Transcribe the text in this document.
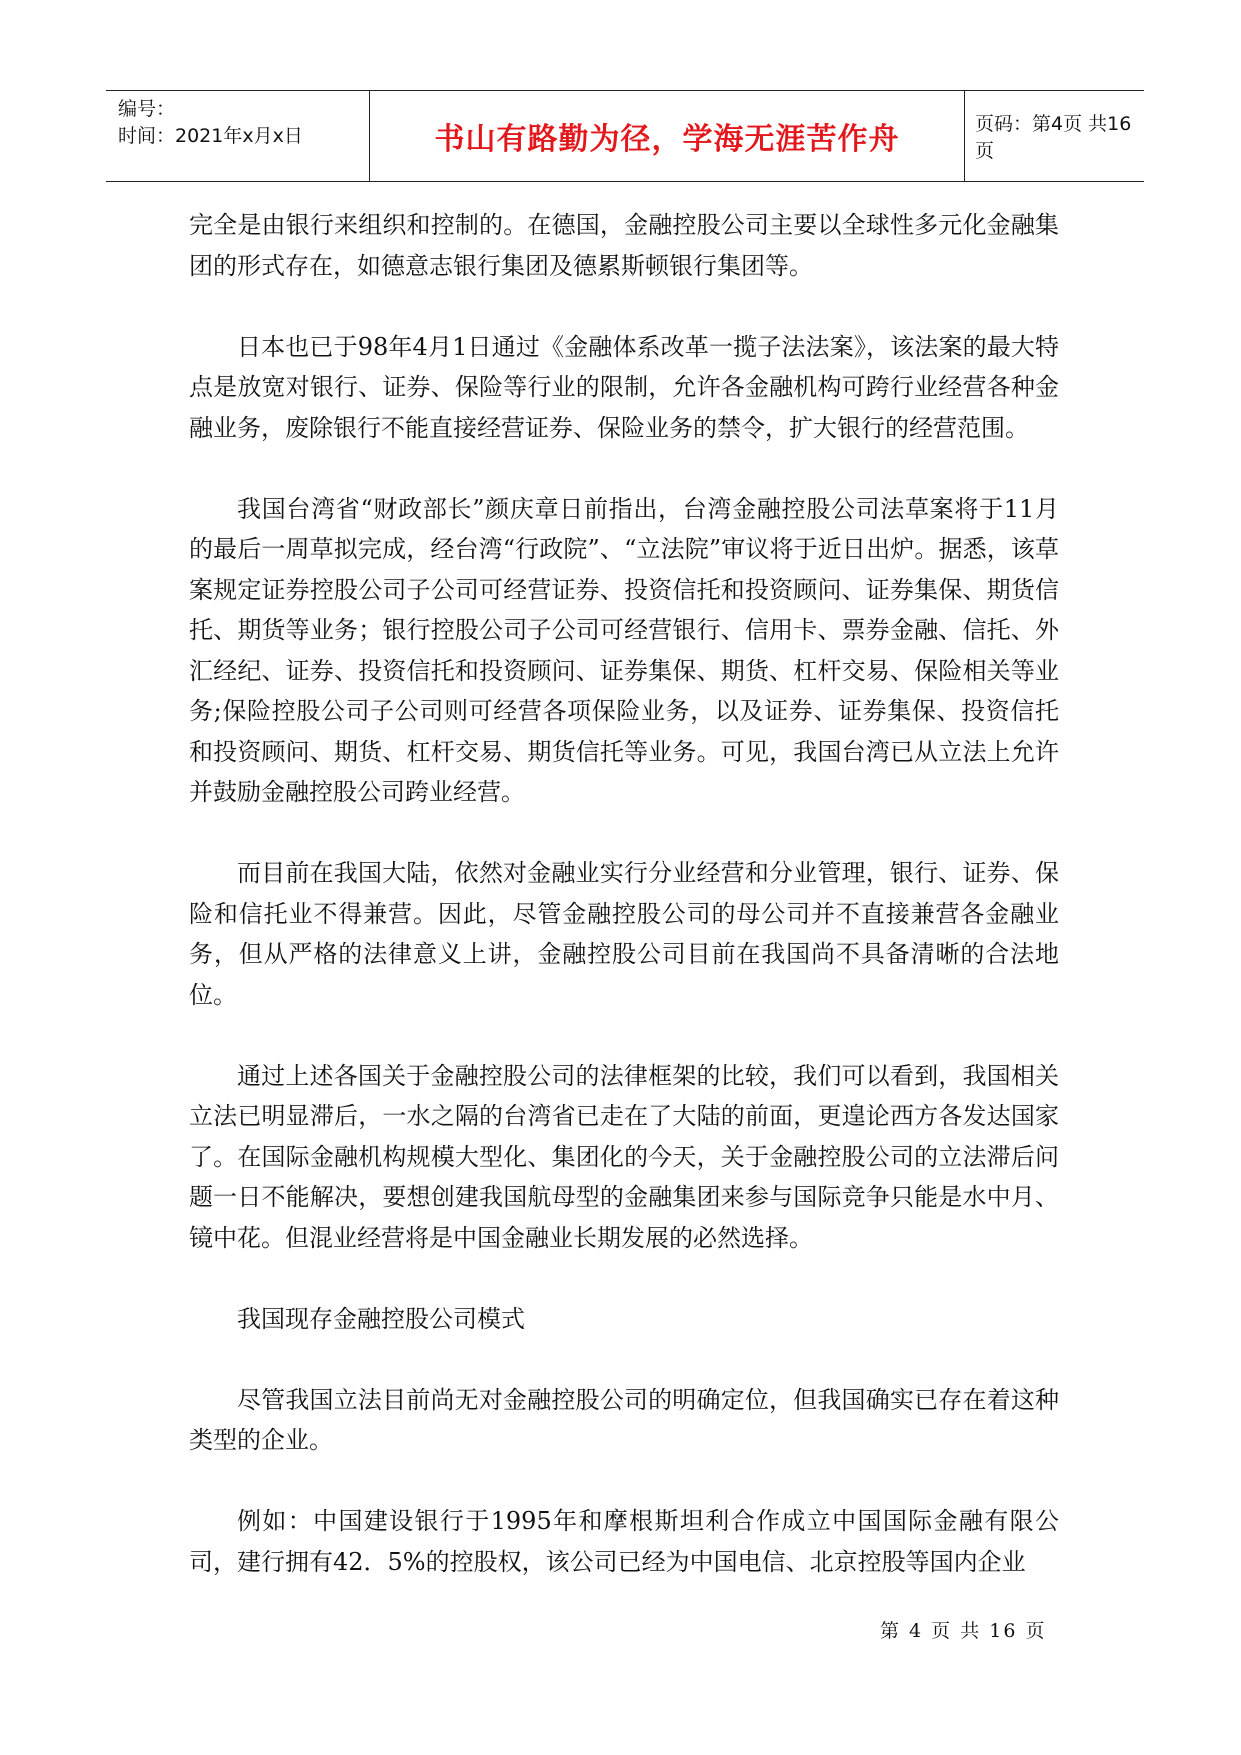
编号：
时间：2021年x月x日	书山有路勤为径，学海无涯苦作舟	页码：第4页 共16页

完全是由银行来组织和控制的。在德国，金融控股公司主要以全球性多元化金融集团的形式存在，如德意志银行集团及德累斯顿银行集团等。

日本也已于98年4月1日通过《金融体系改革一揽子法法案》，该法案的最大特点是放宽对银行、证券、保险等行业的限制，允许各金融机构可跨行业经营各种金融业务，废除银行不能直接经营证券、保险业务的禁令，扩大银行的经营范围。

我国台湾省“财政部长”颜庆章日前指出，台湾金融控股公司法草案将于11月的最后一周草拟完成，经台湾“行政院”、“立法院”审议将于近日出炉。据悉，该草案规定证券控股公司子公司可经营证券、投资信托和投资顾问、证券集保、期货信托、期货等业务；银行控股公司子公司可经营银行、信用卡、票券金融、信托、外汇经纪、证券、投资信托和投资顾问、证券集保、期货、杠杆交易、保险相关等业务;保险控股公司子公司则可经营各项保险业务，以及证券、证券集保、投资信托和投资顾问、期货、杠杆交易、期货信托等业务。可见，我国台湾已从立法上允许并鼓励金融控股公司跨业经营。

而目前在我国大陆，依然对金融业实行分业经营和分业管理，银行、证券、保险和信托业不得兼营。因此，尽管金融控股公司的母公司并不直接兼营各金融业务，但从严格的法律意义上讲，金融控股公司目前在我国尚不具备清晰的合法地位。

通过上述各国关于金融控股公司的法律框架的比较，我们可以看到，我国相关立法已明显滞后，一水之隔的台湾省已走在了大陆的前面，更遑论西方各发达国家了。在国际金融机构规模大型化、集团化的今天，关于金融控股公司的立法滞后问题一日不能解决，要想创建我国航母型的金融集团来参与国际竞争只能是水中月、镜中花。但混业经营将是中国金融业长期发展的必然选择。

我国现存金融控股公司模式

尽管我国立法目前尚无对金融控股公司的明确定位，但我国确实已存在着这种类型的企业。

例如：中国建设银行于1995年和摩根斯坦利合作成立中国国际金融有限公司，建行拥有42．5%的控股权，该公司已经为中国电信、北京控股等国内企业

第 4 页 共 16 页
